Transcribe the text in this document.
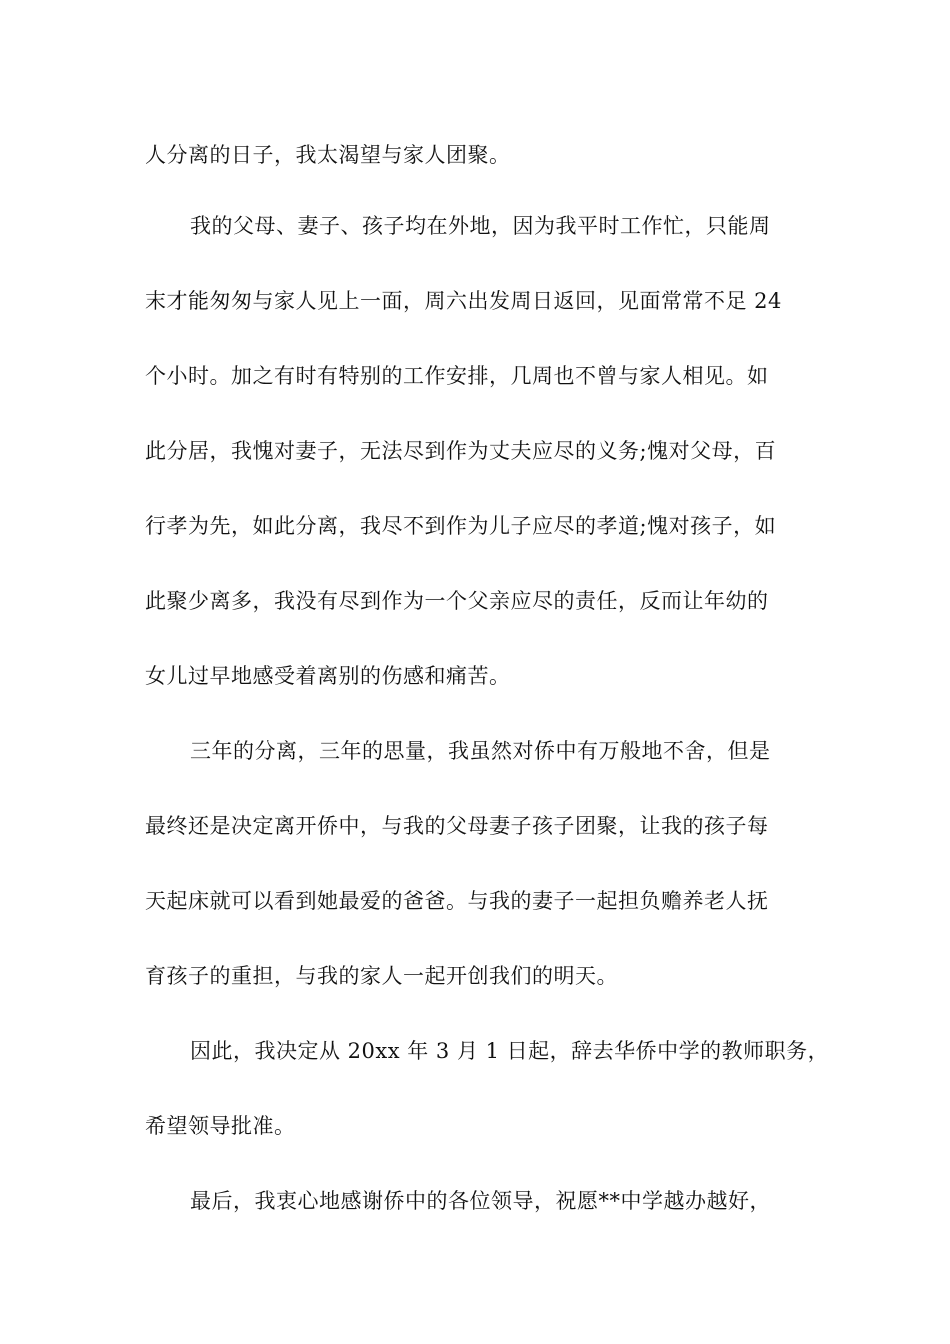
人分离的日子，我太渴望与家人团聚。

我的父母、妻子、孩子均在外地，因为我平时工作忙，只能周

末才能匆匆与家人见上一面，周六出发周日返回，见面常常不足 24

个小时。加之有时有特别的工作安排，几周也不曾与家人相见。如

此分居，我愧对妻子，无法尽到作为丈夫应尽的义务;愧对父母，百

行孝为先，如此分离，我尽不到作为儿子应尽的孝道;愧对孩子，如

此聚少离多，我没有尽到作为一个父亲应尽的责任，反而让年幼的

女儿过早地感受着离别的伤感和痛苦。

三年的分离，三年的思量，我虽然对侨中有万般地不舍，但是

最终还是决定离开侨中，与我的父母妻子孩子团聚，让我的孩子每

天起床就可以看到她最爱的爸爸。与我的妻子一起担负赡养老人抚

育孩子的重担，与我的家人一起开创我们的明天。

因此，我决定从 20xx 年 3 月 1 日起，辞去华侨中学的教师职务，

希望领导批准。

最后，我衷心地感谢侨中的各位领导，祝愿**中学越办越好，
